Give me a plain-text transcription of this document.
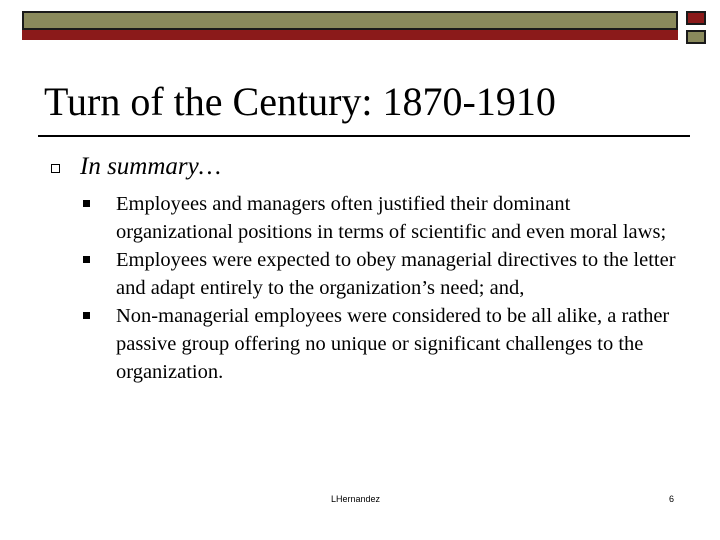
Turn of the Century: 1870-1910

In summary…

Employees and managers often justified their dominant organizational positions in terms of scientific and even moral laws;
Employees were expected to obey managerial directives to the letter and adapt entirely to the organization’s need; and,
Non-managerial employees were considered to be all alike, a rather passive group offering no unique or significant challenges to the organization.
LHernandez	6
